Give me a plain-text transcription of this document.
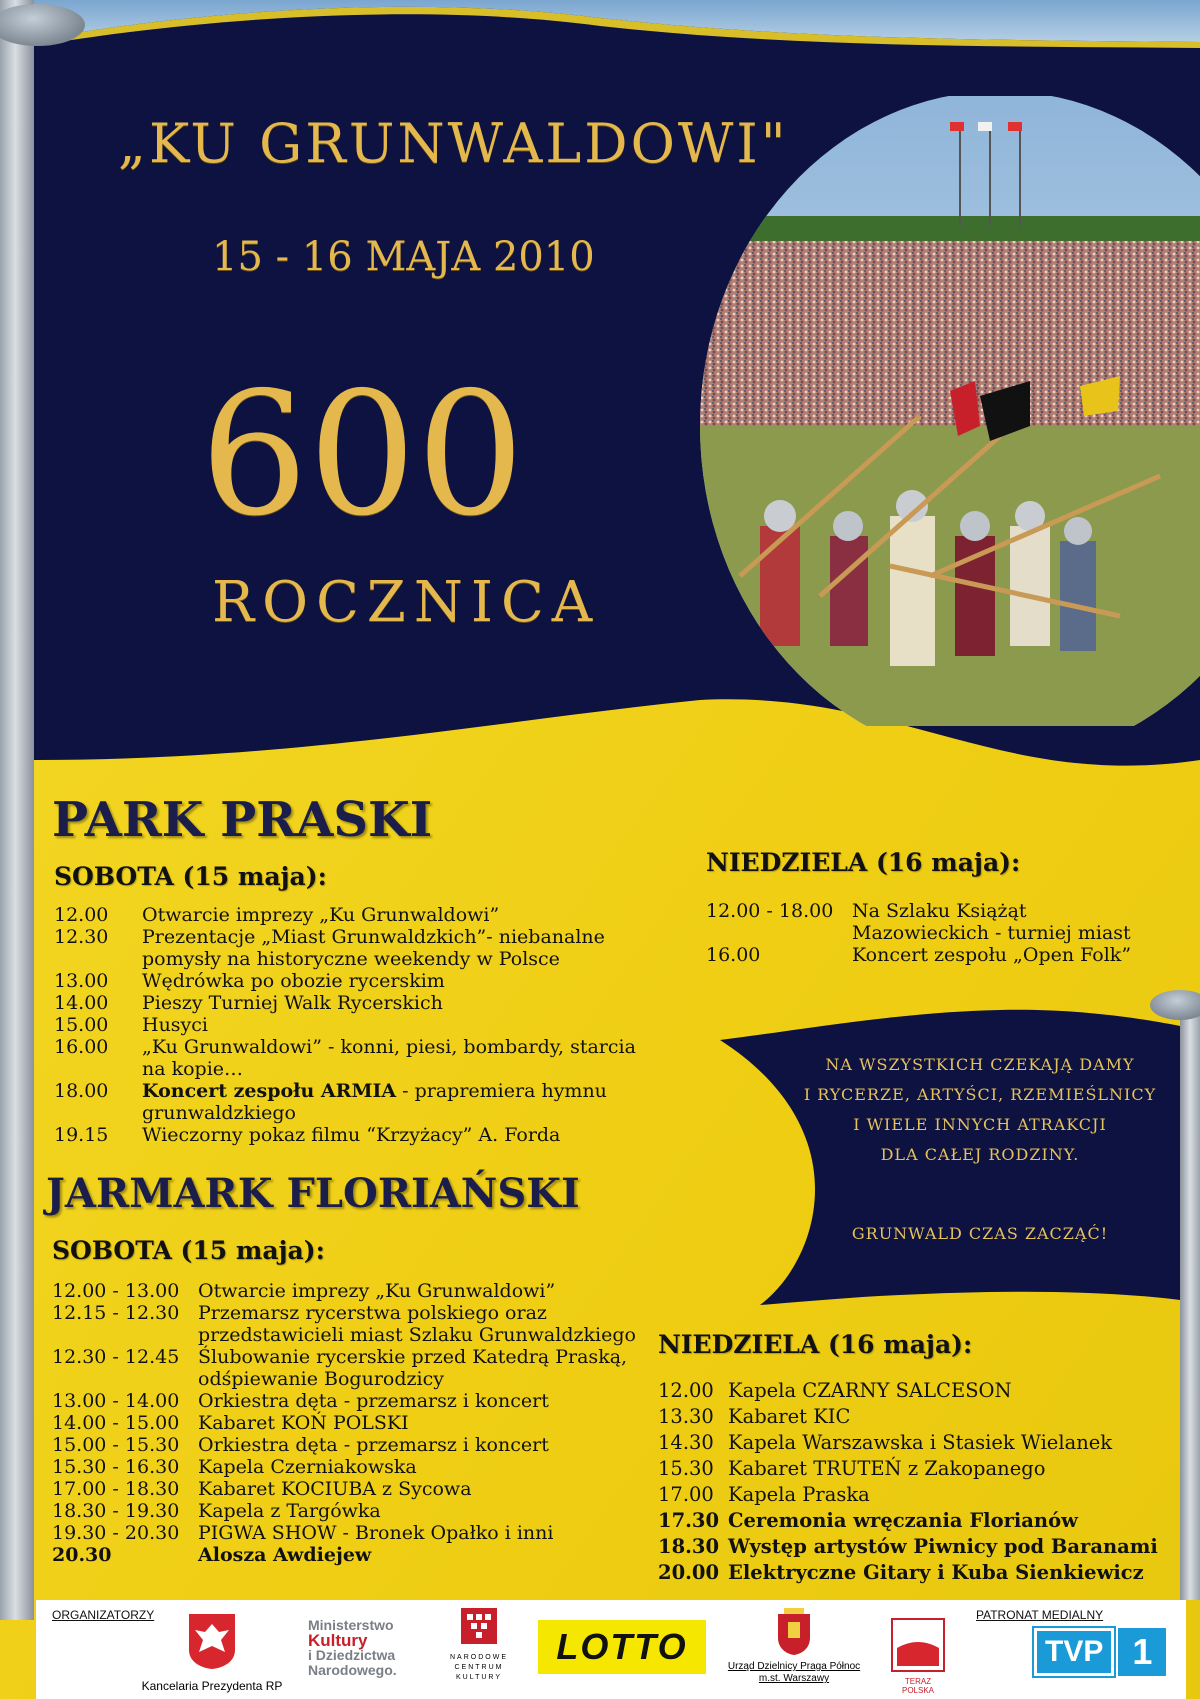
„KU GRUNWALDOWI"
15 - 16 MAJA 2010
600
ROCZNICA
PARK PRASKI
SOBOTA (15 maja):
12.00	Otwarcie imprezy „Ku Grunwaldowi”
12.30	Prezentacje „Miast Grunwaldzkich”- niebanalne pomysły na historyczne weekendy w Polsce
13.00	Wędrówka po obozie rycerskim
14.00	Pieszy Turniej Walk Rycerskich
15.00	Husyci
16.00	„Ku Grunwaldowi” - konni, piesi, bombardy, starcia na kopie…
18.00	Koncert zespołu ARMIA - prapremiera hymnu grunwaldzkiego
19.15	Wieczorny pokaz filmu “Krzyżacy” A. Forda
NIEDZIELA (16 maja):
12.00 - 18.00 Na Szlaku Książąt Mazowieckich - turniej miast
16.00	Koncert zespołu „Open Folk”
NA WSZYSTKICH CZEKAJĄ DAMY
I RYCERZE, ARTYŚCI, RZEMIEŚLNICY
I WIELE INNYCH ATRAKCJI
DLA CAŁEJ RODZINY.
GRUNWALD CZAS ZACZĄĆ!
JARMARK FLORIAŃSKI
SOBOTA (15 maja):
12.00 - 13.00 Otwarcie imprezy „Ku Grunwaldowi”
12.15 - 12.30 Przemarsz rycerstwa polskiego oraz przedstawicieli miast Szlaku Grunwaldzkiego
12.30 - 12.45 Ślubowanie rycerskie przed Katedrą Praską, odśpiewanie Bogurodzicy
13.00 - 14.00 Orkiestra dęta - przemarsz i koncert
14.00 - 15.00 Kabaret KOŃ POLSKI
15.00 - 15.30 Orkiestra dęta - przemarsz i koncert
15.30 - 16.30 Kapela Czerniakowska
17.00 - 18.30 Kabaret KOCIUBA z Sycowa
18.30 - 19.30 Kapela z Targówka
19.30 - 20.30 PIGWA SHOW - Bronek Opałko i inni
20.30	Alosza Awdiejew
NIEDZIELA (16 maja):
12.00 Kapela CZARNY SALCESON
13.30 Kabaret KIC
14.30 Kapela Warszawska i Stasiek Wielanek
15.30 Kabaret TRUTEŃ z Zakopanego
17.00 Kapela Praska
17.30 Ceremonia wręczania Florianów
18.30 Występ artystów Piwnicy pod Baranami
20.00 Elektryczne Gitary i Kuba Sienkiewicz
ORGANIZATORZY	PATRONAT MEDIALNY
Kancelaria Prezydenta RP
Ministerstwo
Kultury
i Dziedzictwa
Narodowego.
NARODOWE
CENTRUM
KULTURY
LOTTO	Urząd Dzielnicy Praga Północ
m.st. Warszawy	TERAZ POLSKA
TVP 1
